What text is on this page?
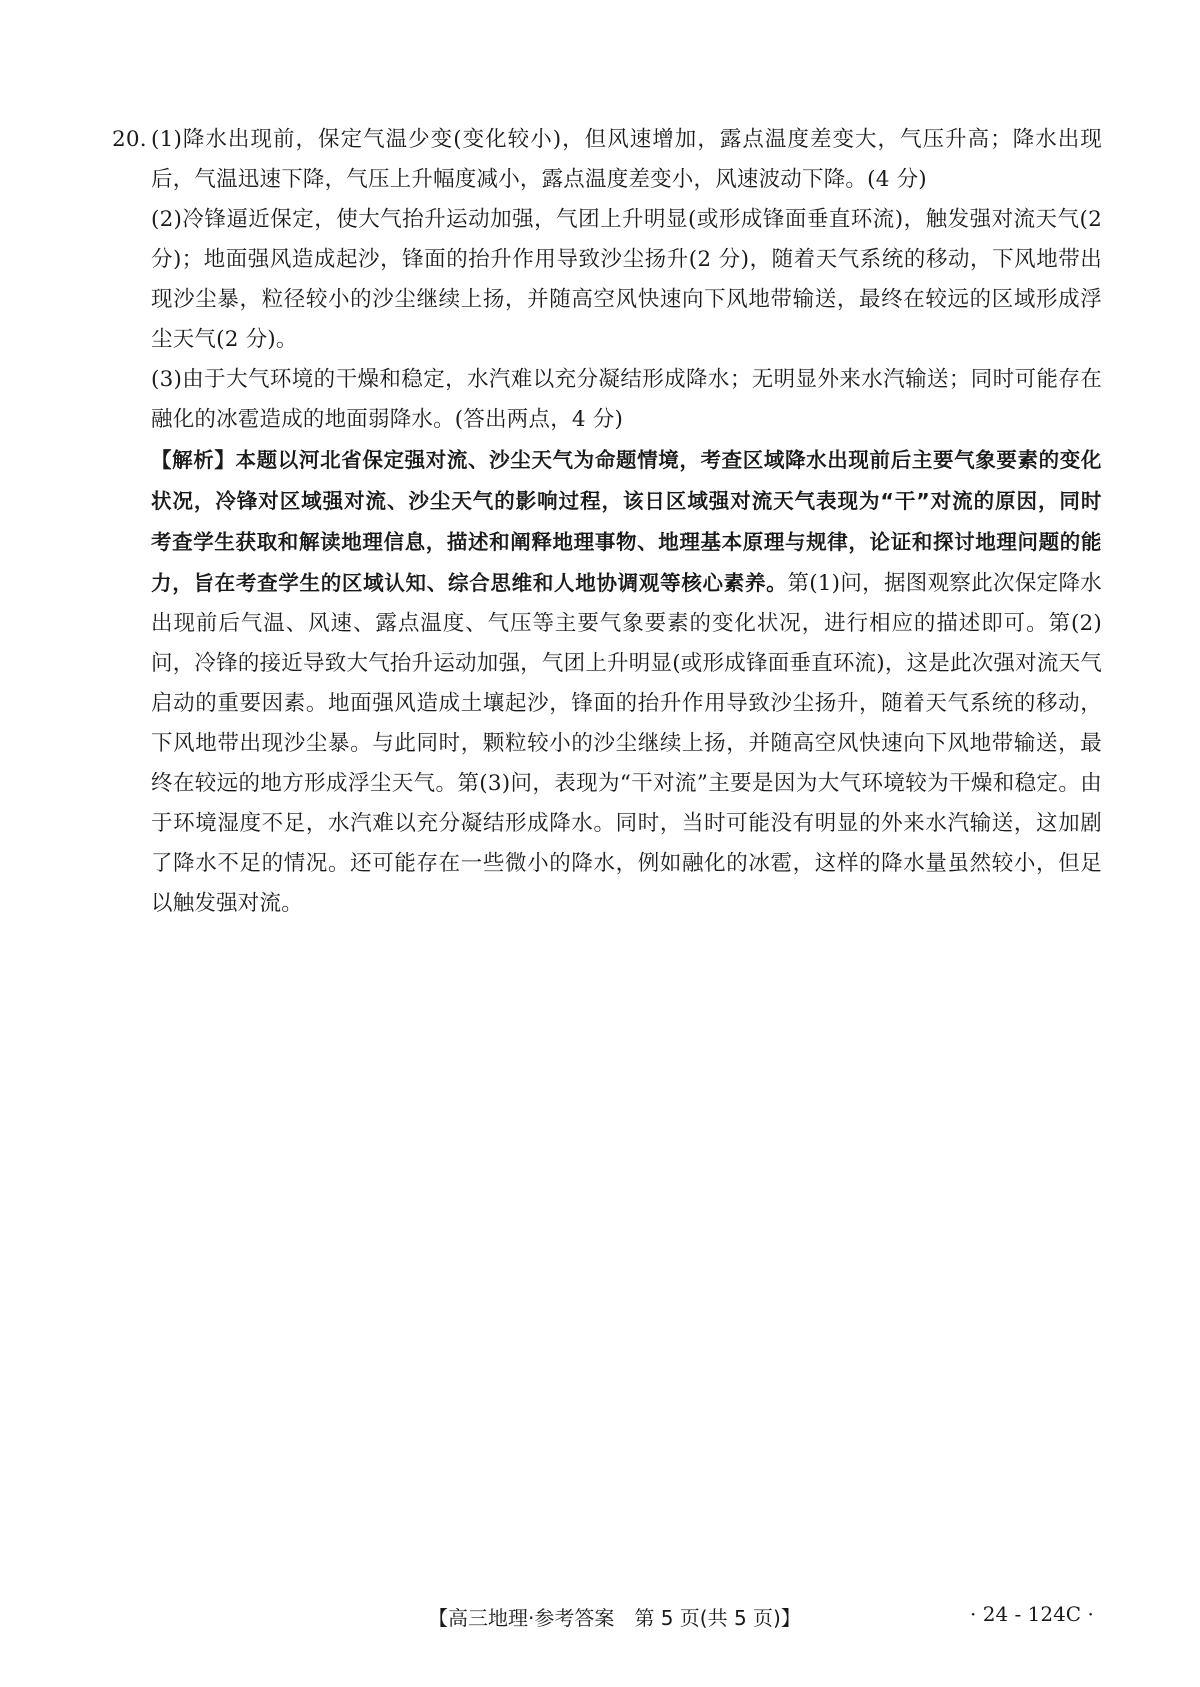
20. (1)降水出现前，保定气温少变(变化较小)，但风速增加，露点温度差变大，气压升高；降水出现后，气温迅速下降，气压上升幅度减小，露点温度差变小，风速波动下降。(4 分)

(2)冷锋逼近保定，使大气抬升运动加强，气团上升明显(或形成锋面垂直环流)，触发强对流天气(2 分)；地面强风造成起沙，锋面的抬升作用导致沙尘扬升(2 分)，随着天气系统的移动，下风地带出现沙尘暴，粒径较小的沙尘继续上扬，并随高空风快速向下风地带输送，最终在较远的区域形成浮尘天气(2 分)。

(3)由于大气环境的干燥和稳定，水汽难以充分凝结形成降水；无明显外来水汽输送；同时可能存在融化的冰雹造成的地面弱降水。(答出两点，4 分)

【解析】本题以河北省保定强对流、沙尘天气为命题情境，考查区域降水出现前后主要气象要素的变化状况，冷锋对区域强对流、沙尘天气的影响过程，该日区域强对流天气表现为“干”对流的原因，同时考查学生获取和解读地理信息，描述和阐释地理事物、地理基本原理与规律，论证和探讨地理问题的能力，旨在考查学生的区域认知、综合思维和人地协调观等核心素养。第(1)问，据图观察此次保定降水出现前后气温、风速、露点温度、气压等主要气象要素的变化状况，进行相应的描述即可。第(2)问，冷锋的接近导致大气抬升运动加强，气团上升明显(或形成锋面垂直环流)，这是此次强对流天气启动的重要因素。地面强风造成土壤起沙，锋面的抬升作用导致沙尘扬升，随着天气系统的移动，下风地带出现沙尘暴。与此同时，颗粒较小的沙尘继续上扬，并随高空风快速向下风地带输送，最终在较远的地方形成浮尘天气。第(3)问，表现为“干对流”主要是因为大气环境较为干燥和稳定。由于环境湿度不足，水汽难以充分凝结形成降水。同时，当时可能没有明显的外来水汽输送，这加剧了降水不足的情况。还可能存在一些微小的降水，例如融化的冰雹，这样的降水量虽然较小，但足以触发强对流。

【高三地理·参考答案　第 5 页(共 5 页)】	· 24 - 124C ·
